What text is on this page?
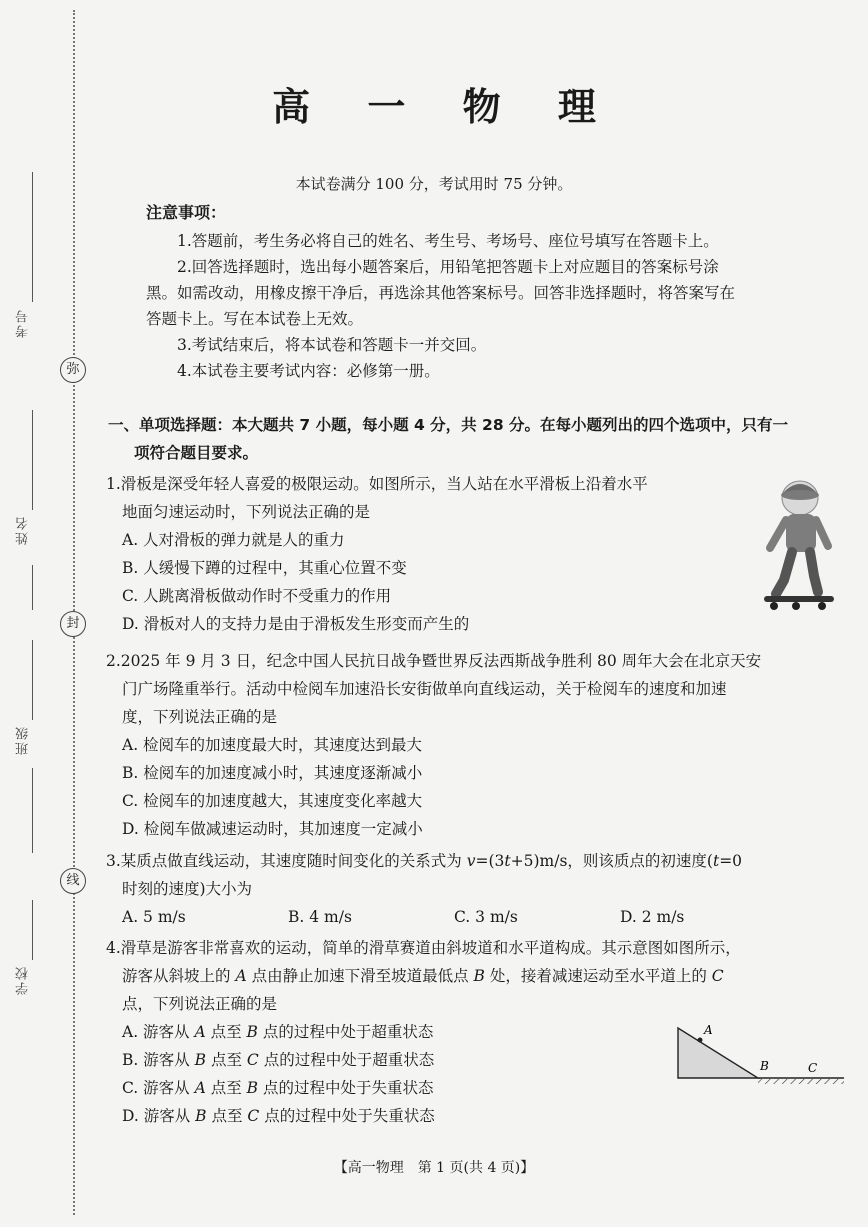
考号
弥
姓名
封
班级
线
学校
高 一 物 理
本试卷满分 100 分，考试用时 75 分钟。
注意事项：
1.答题前，考生务必将自己的姓名、考生号、考场号、座位号填写在答题卡上。
2.回答选择题时，选出每小题答案后，用铅笔把答题卡上对应题目的答案标号涂
黑。如需改动，用橡皮擦干净后，再选涂其他答案标号。回答非选择题时，将答案写在
答题卡上。写在本试卷上无效。
3.考试结束后，将本试卷和答题卡一并交回。
4.本试卷主要考试内容：必修第一册。
一、单项选择题：本大题共 7 小题，每小题 4 分，共 28 分。在每小题列出的四个选项中，只有一
项符合题目要求。
1.滑板是深受年轻人喜爱的极限运动。如图所示，当人站在水平滑板上沿着水平
地面匀速运动时，下列说法正确的是
A. 人对滑板的弹力就是人的重力
B. 人缓慢下蹲的过程中，其重心位置不变
C. 人跳离滑板做动作时不受重力的作用
D. 滑板对人的支持力是由于滑板发生形变而产生的
2.2025 年 9 月 3 日，纪念中国人民抗日战争暨世界反法西斯战争胜利 80 周年大会在北京天安
门广场隆重举行。活动中检阅车加速沿长安街做单向直线运动，关于检阅车的速度和加速
度，下列说法正确的是
A. 检阅车的加速度最大时，其速度达到最大
B. 检阅车的加速度减小时，其速度逐渐减小
C. 检阅车的加速度越大，其速度变化率越大
D. 检阅车做减速运动时，其加速度一定减小
3.某质点做直线运动，其速度随时间变化的关系式为 v=(3t+5)m/s，则该质点的初速度(t=0
时刻的速度)大小为
A. 5 m/s	B. 4 m/s	C. 3 m/s	D. 2 m/s
4.滑草是游客非常喜欢的运动，简单的滑草赛道由斜坡道和水平道构成。其示意图如图所示，
游客从斜坡上的 A 点由静止加速下滑至坡道最低点 B 处，接着减速运动至水平道上的 C
点，下列说法正确的是
A. 游客从 A 点至 B 点的过程中处于超重状态
B. 游客从 B 点至 C 点的过程中处于超重状态
C. 游客从 A 点至 B 点的过程中处于失重状态
D. 游客从 B 点至 C 点的过程中处于失重状态
A
B	C
【高一物理　第 1 页(共 4 页)】
